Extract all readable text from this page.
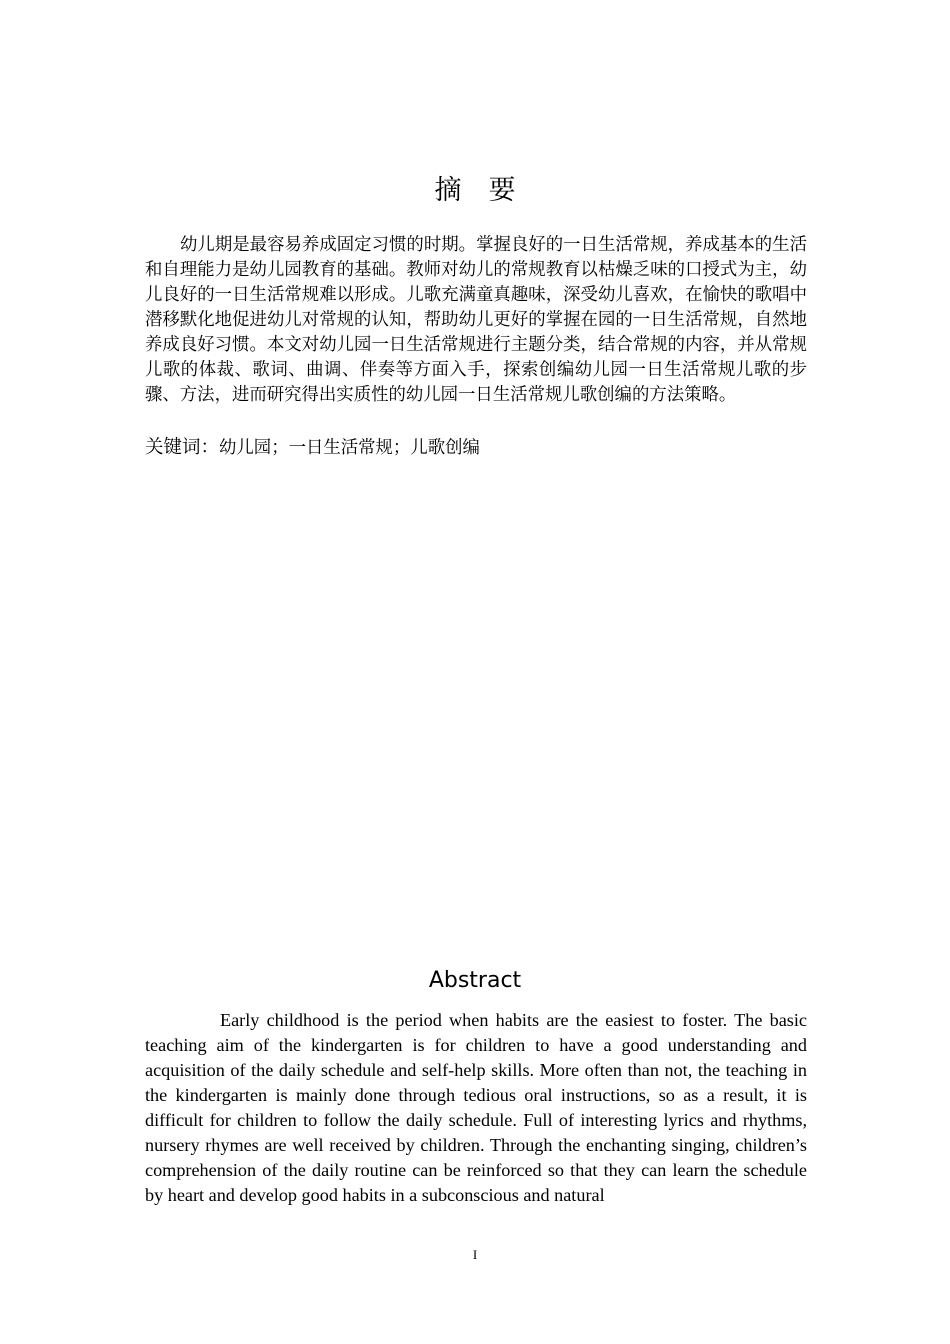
摘　要

幼儿期是最容易养成固定习惯的时期。掌握良好的一日生活常规，养成基本的生活和自理能力是幼儿园教育的基础。教师对幼儿的常规教育以枯燥乏味的口授式为主，幼儿良好的一日生活常规难以形成。儿歌充满童真趣味，深受幼儿喜欢，在愉快的歌唱中潜移默化地促进幼儿对常规的认知，帮助幼儿更好的掌握在园的一日生活常规，自然地养成良好习惯。本文对幼儿园一日生活常规进行主题分类，结合常规的内容，并从常规儿歌的体裁、歌词、曲调、伴奏等方面入手，探索创编幼儿园一日生活常规儿歌的步骤、方法，进而研究得出实质性的幼儿园一日生活常规儿歌创编的方法策略。

关键词：幼儿园；一日生活常规；儿歌创编
Abstract

Early childhood is the period when habits are the easiest to foster. The basic teaching aim of the kindergarten is for children to have a good understanding and acquisition of the daily schedule and self-help skills. More often than not, the teaching in the kindergarten is mainly done through tedious oral instructions, so as a result, it is difficult for children to follow the daily schedule. Full of interesting lyrics and rhythms, nursery rhymes are well received by children. Through the enchanting singing, children’s comprehension of the daily routine can be reinforced so that they can learn the schedule by heart and develop good habits in a subconscious and natural

I
